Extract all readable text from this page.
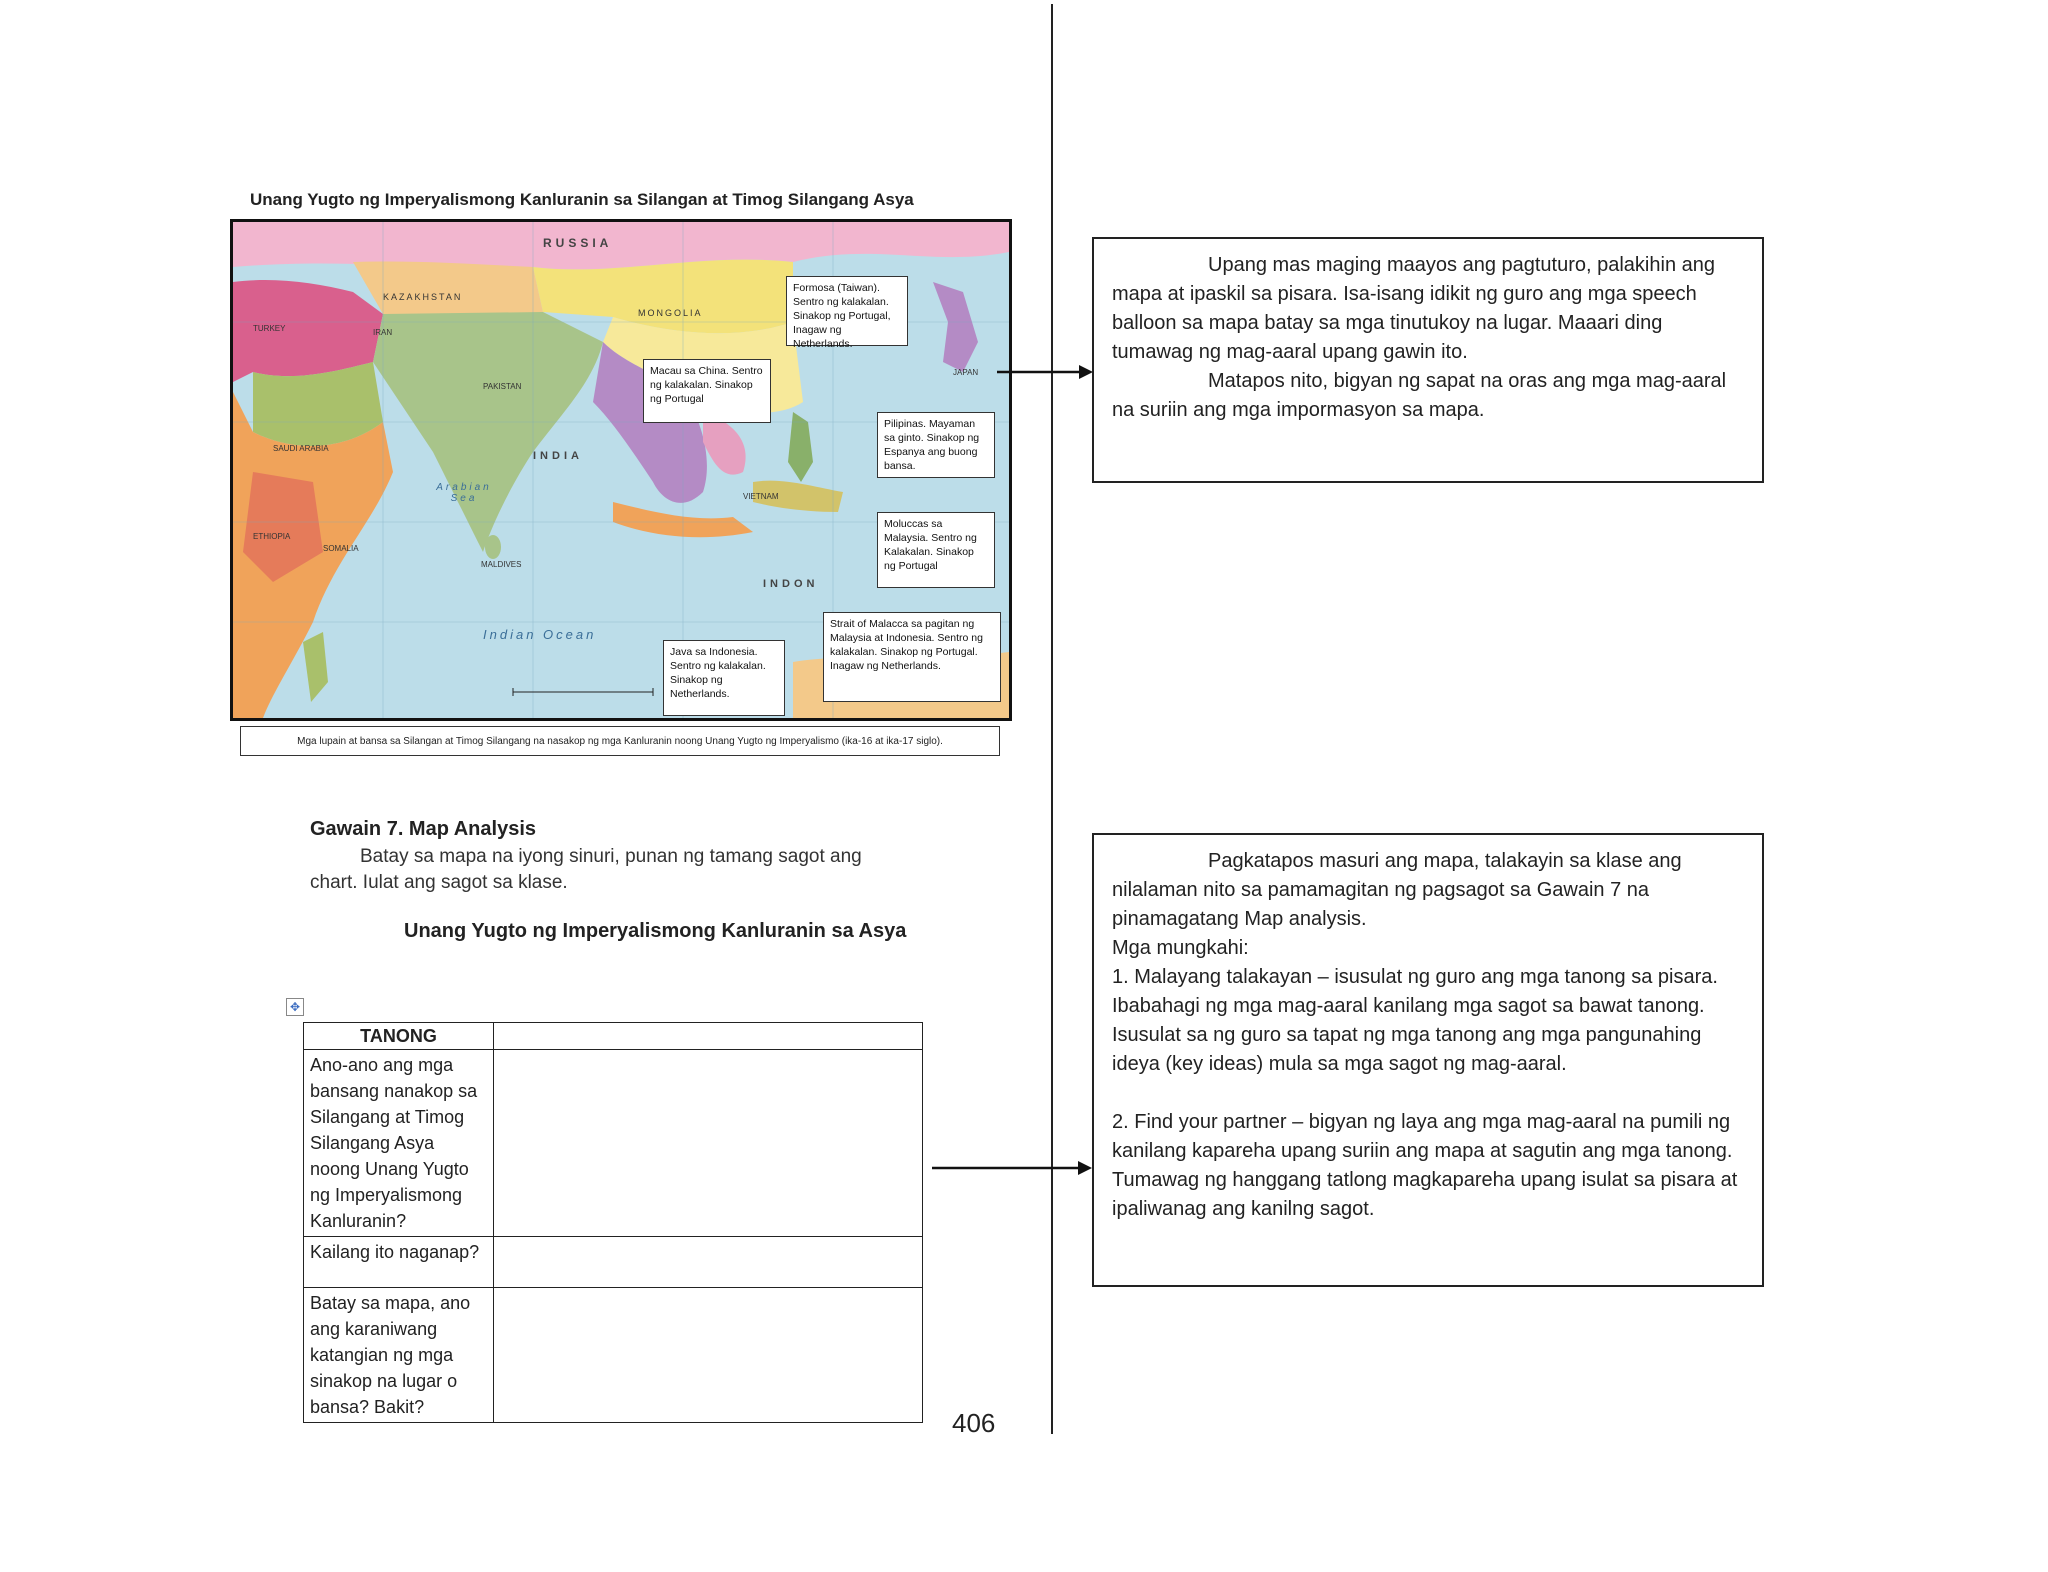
Unang Yugto ng Imperyalismong Kanluranin sa Silangan at Timog Silangang Asya
RUSSIA
KAZAKHSTAN
MONGOLIA
INDIA
IRAN
TURKEY
SAUDI ARABIA
PAKISTAN
VIETNAM
ETHIOPIA
SOMALIA
MALDIVES
JAPAN
INDON
Arabian Sea
Indian Ocean
Formosa (Taiwan). Sentro ng kalakalan. Sinakop ng Portugal, Inagaw ng Netherlands.
Macau sa China. Sentro ng kalakalan. Sinakop ng Portugal
Pilipinas. Mayaman sa ginto. Sinakop ng Espanya ang buong bansa.
Moluccas sa Malaysia. Sentro ng Kalakalan. Sinakop ng Portugal
Strait of Malacca sa pagitan ng Malaysia at Indonesia. Sentro ng kalakalan. Sinakop ng Portugal. Inagaw ng Netherlands.
Java sa Indonesia. Sentro ng kalakalan. Sinakop ng Netherlands.
Mga lupain at bansa sa Silangan at Timog Silangang na nasakop ng mga Kanluranin noong Unang Yugto ng Imperyalismo (ika-16 at ika-17 siglo).
Gawain 7. Map Analysis
Batay sa mapa na iyong sinuri, punan ng tamang sagot ang chart. Iulat ang sagot sa klase.
Unang Yugto ng Imperyalismong Kanluranin sa Asya
✥
TANONG	
Ano-ano ang mga bansang nanakop sa Silangang at Timog Silangang Asya noong Unang Yugto ng Imperyalismong Kanluranin?	
Kailang ito naganap?	
Batay sa mapa, ano ang karaniwang katangian ng mga sinakop na lugar o bansa? Bakit?	
406

Upang mas maging maayos ang pagtuturo, palakihin ang mapa at ipaskil sa pisara. Isa-isang idikit ng guro ang mga speech balloon sa mapa batay sa mga tinutukoy na lugar. Maaari ding tumawag ng mag-aaral upang gawin ito.

Matapos nito, bigyan ng sapat na oras ang mga mag-aaral na suriin ang mga impormasyon sa mapa.

Pagkatapos masuri ang mapa, talakayin sa klase ang nilalaman nito sa pamamagitan ng pagsagot sa Gawain 7 na pinamagatang Map analysis.

Mga mungkahi:

1. Malayang talakayan – isusulat ng guro ang mga tanong sa pisara. Ibabahagi ng mga mag-aaral kanilang mga sagot sa bawat tanong. Isusulat sa ng guro sa tapat ng mga tanong ang mga pangunahing ideya (key ideas) mula sa mga sagot ng mag-aaral.

2. Find your partner – bigyan ng laya ang mga mag-aaral na pumili ng kanilang kapareha upang suriin ang mapa at sagutin ang mga tanong. Tumawag ng hanggang tatlong magkapareha upang isulat sa pisara at ipaliwanag ang kanilng sagot.
